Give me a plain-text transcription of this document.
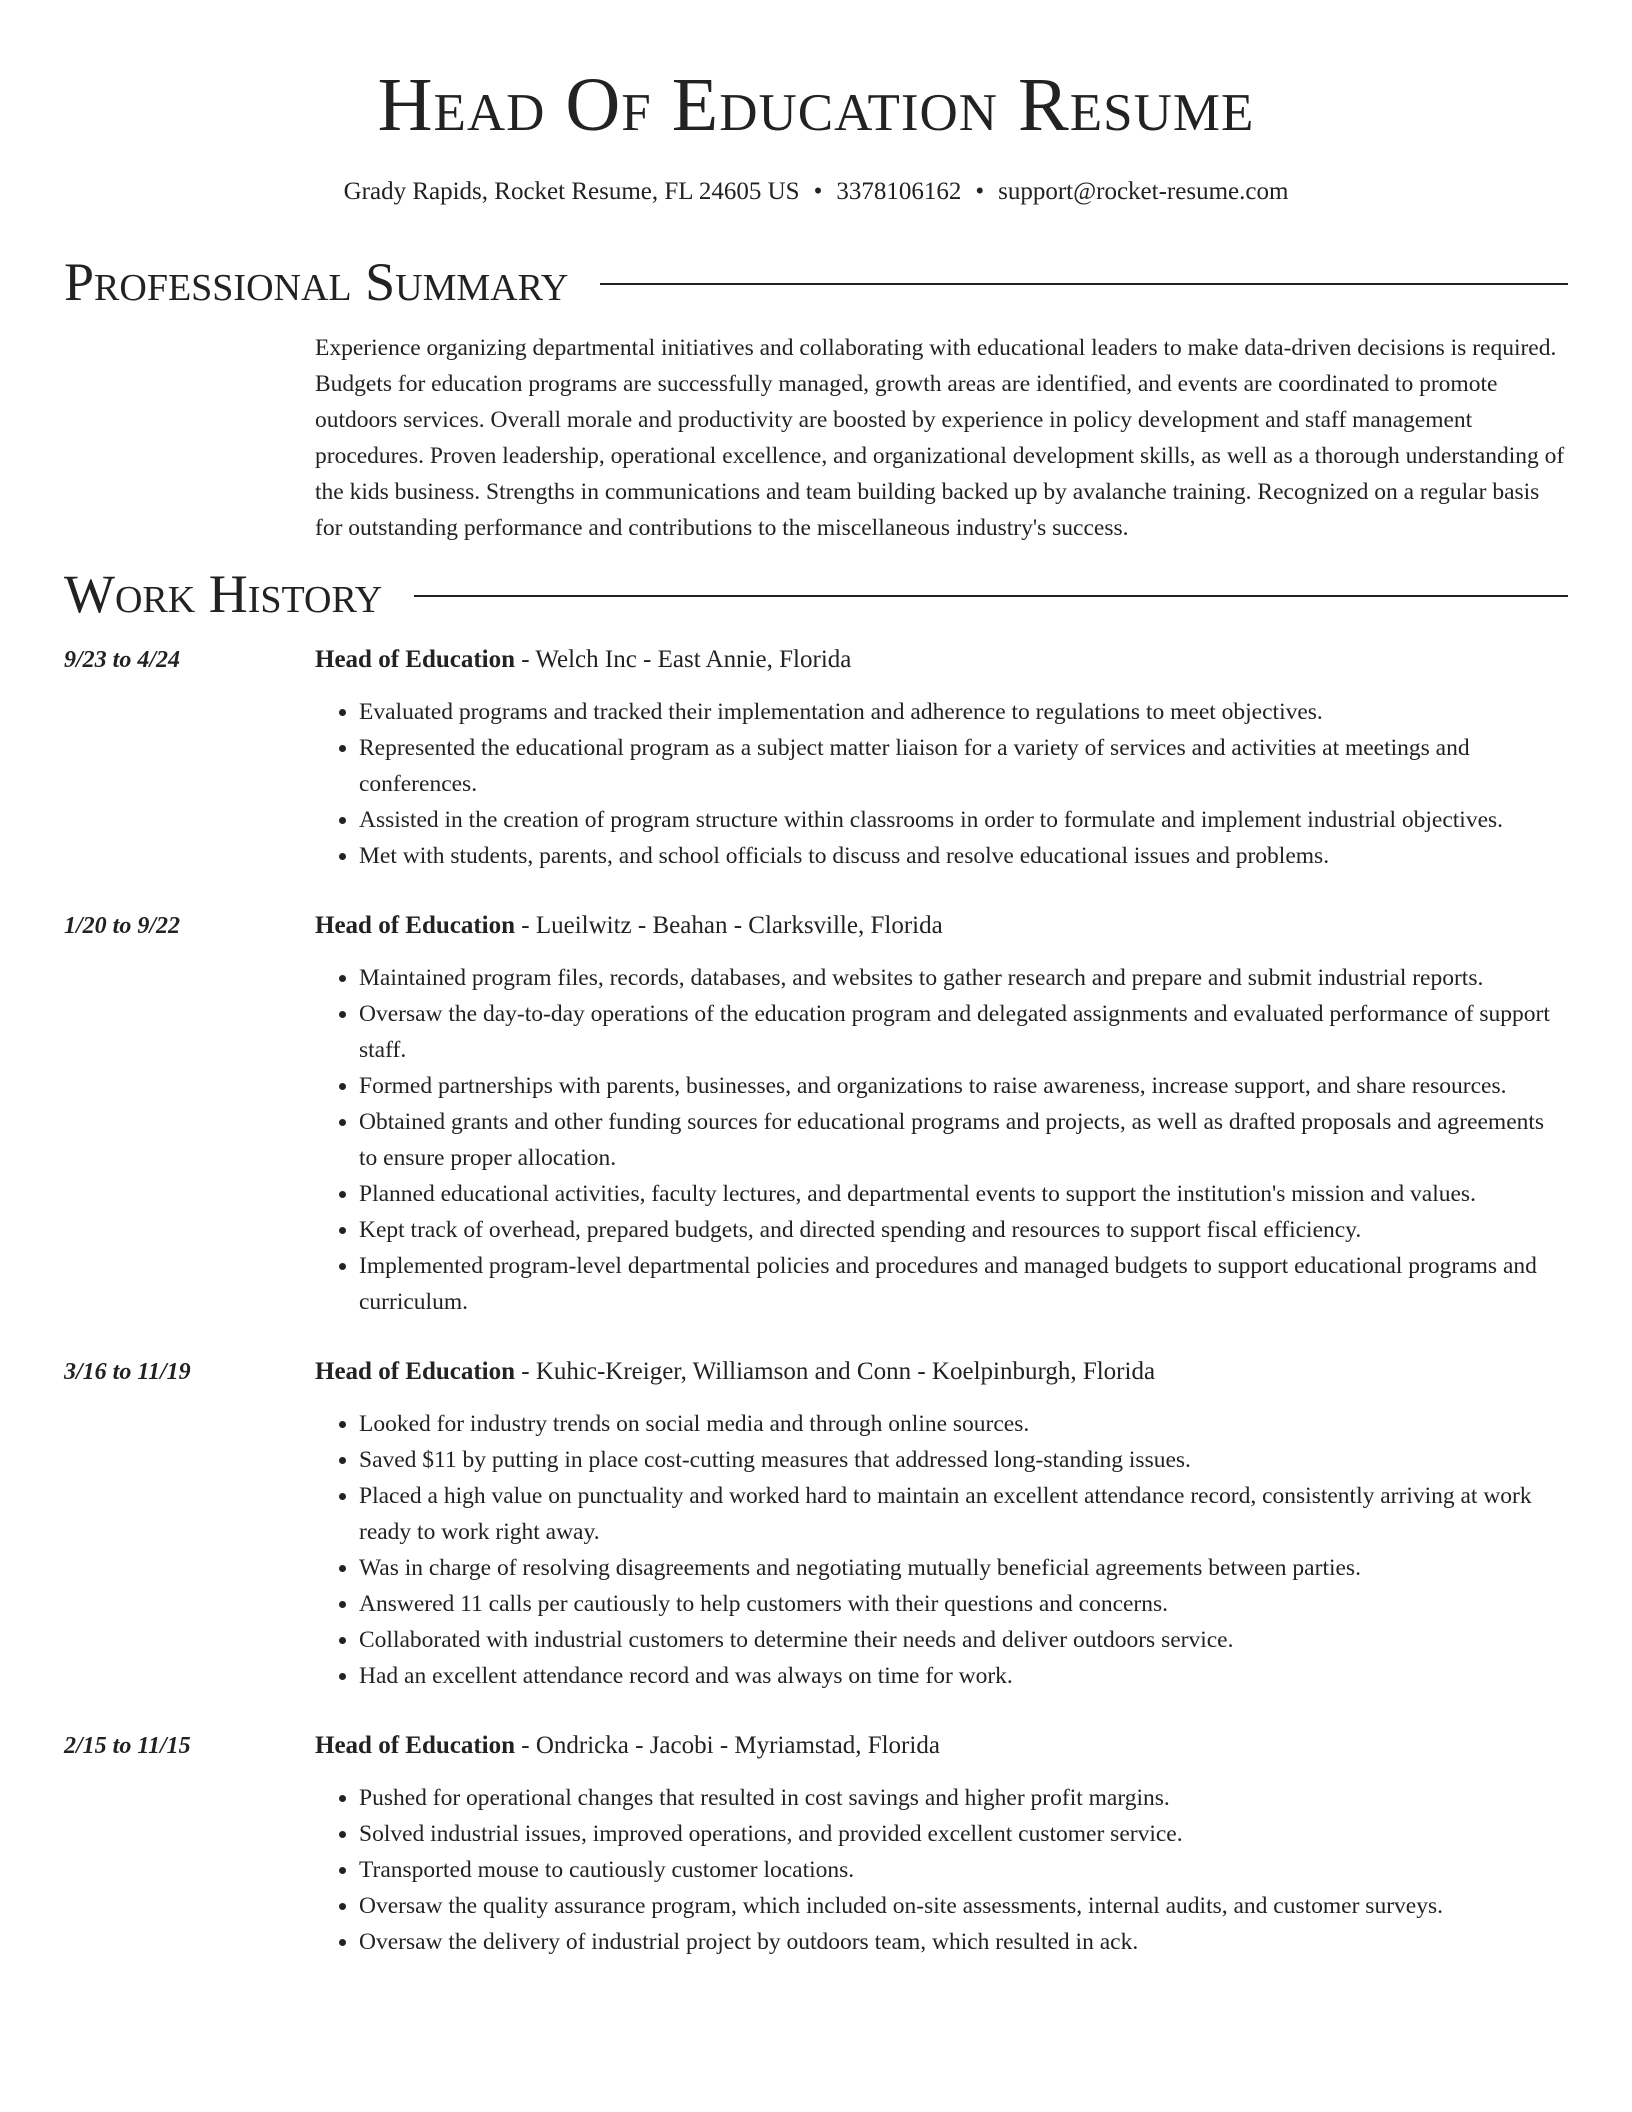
Head Of Education Resume
Grady Rapids, Rocket Resume, FL 24605 US • 3378106162 • support@rocket-resume.com
Professional Summary
Experience organizing departmental initiatives and collaborating with educational leaders to make data-driven decisions is required. Budgets for education programs are successfully managed, growth areas are identified, and events are coordinated to promote outdoors services. Overall morale and productivity are boosted by experience in policy development and staff management procedures. Proven leadership, operational excellence, and organizational development skills, as well as a thorough understanding of the kids business. Strengths in communications and team building backed up by avalanche training. Recognized on a regular basis for outstanding performance and contributions to the miscellaneous industry's success.
Work History
9/23 to 4/24	Head of Education - Welch Inc - East Annie, Florida
• Evaluated programs and tracked their implementation and adherence to regulations to meet objectives.
• Represented the educational program as a subject matter liaison for a variety of services and activities at meetings and conferences.
• Assisted in the creation of program structure within classrooms in order to formulate and implement industrial objectives.
• Met with students, parents, and school officials to discuss and resolve educational issues and problems.
1/20 to 9/22	Head of Education - Lueilwitz - Beahan - Clarksville, Florida
• Maintained program files, records, databases, and websites to gather research and prepare and submit industrial reports.
• Oversaw the day-to-day operations of the education program and delegated assignments and evaluated performance of support staff.
• Formed partnerships with parents, businesses, and organizations to raise awareness, increase support, and share resources.
• Obtained grants and other funding sources for educational programs and projects, as well as drafted proposals and agreements to ensure proper allocation.
• Planned educational activities, faculty lectures, and departmental events to support the institution's mission and values.
• Kept track of overhead, prepared budgets, and directed spending and resources to support fiscal efficiency.
• Implemented program-level departmental policies and procedures and managed budgets to support educational programs and curriculum.
3/16 to 11/19	Head of Education - Kuhic-Kreiger, Williamson and Conn - Koelpinburgh, Florida
• Looked for industry trends on social media and through online sources.
• Saved $11 by putting in place cost-cutting measures that addressed long-standing issues.
• Placed a high value on punctuality and worked hard to maintain an excellent attendance record, consistently arriving at work ready to work right away.
• Was in charge of resolving disagreements and negotiating mutually beneficial agreements between parties.
• Answered 11 calls per cautiously to help customers with their questions and concerns.
• Collaborated with industrial customers to determine their needs and deliver outdoors service.
• Had an excellent attendance record and was always on time for work.
2/15 to 11/15	Head of Education - Ondricka - Jacobi - Myriamstad, Florida
• Pushed for operational changes that resulted in cost savings and higher profit margins.
• Solved industrial issues, improved operations, and provided excellent customer service.
• Transported mouse to cautiously customer locations.
• Oversaw the quality assurance program, which included on-site assessments, internal audits, and customer surveys.
• Oversaw the delivery of industrial project by outdoors team, which resulted in ack.
